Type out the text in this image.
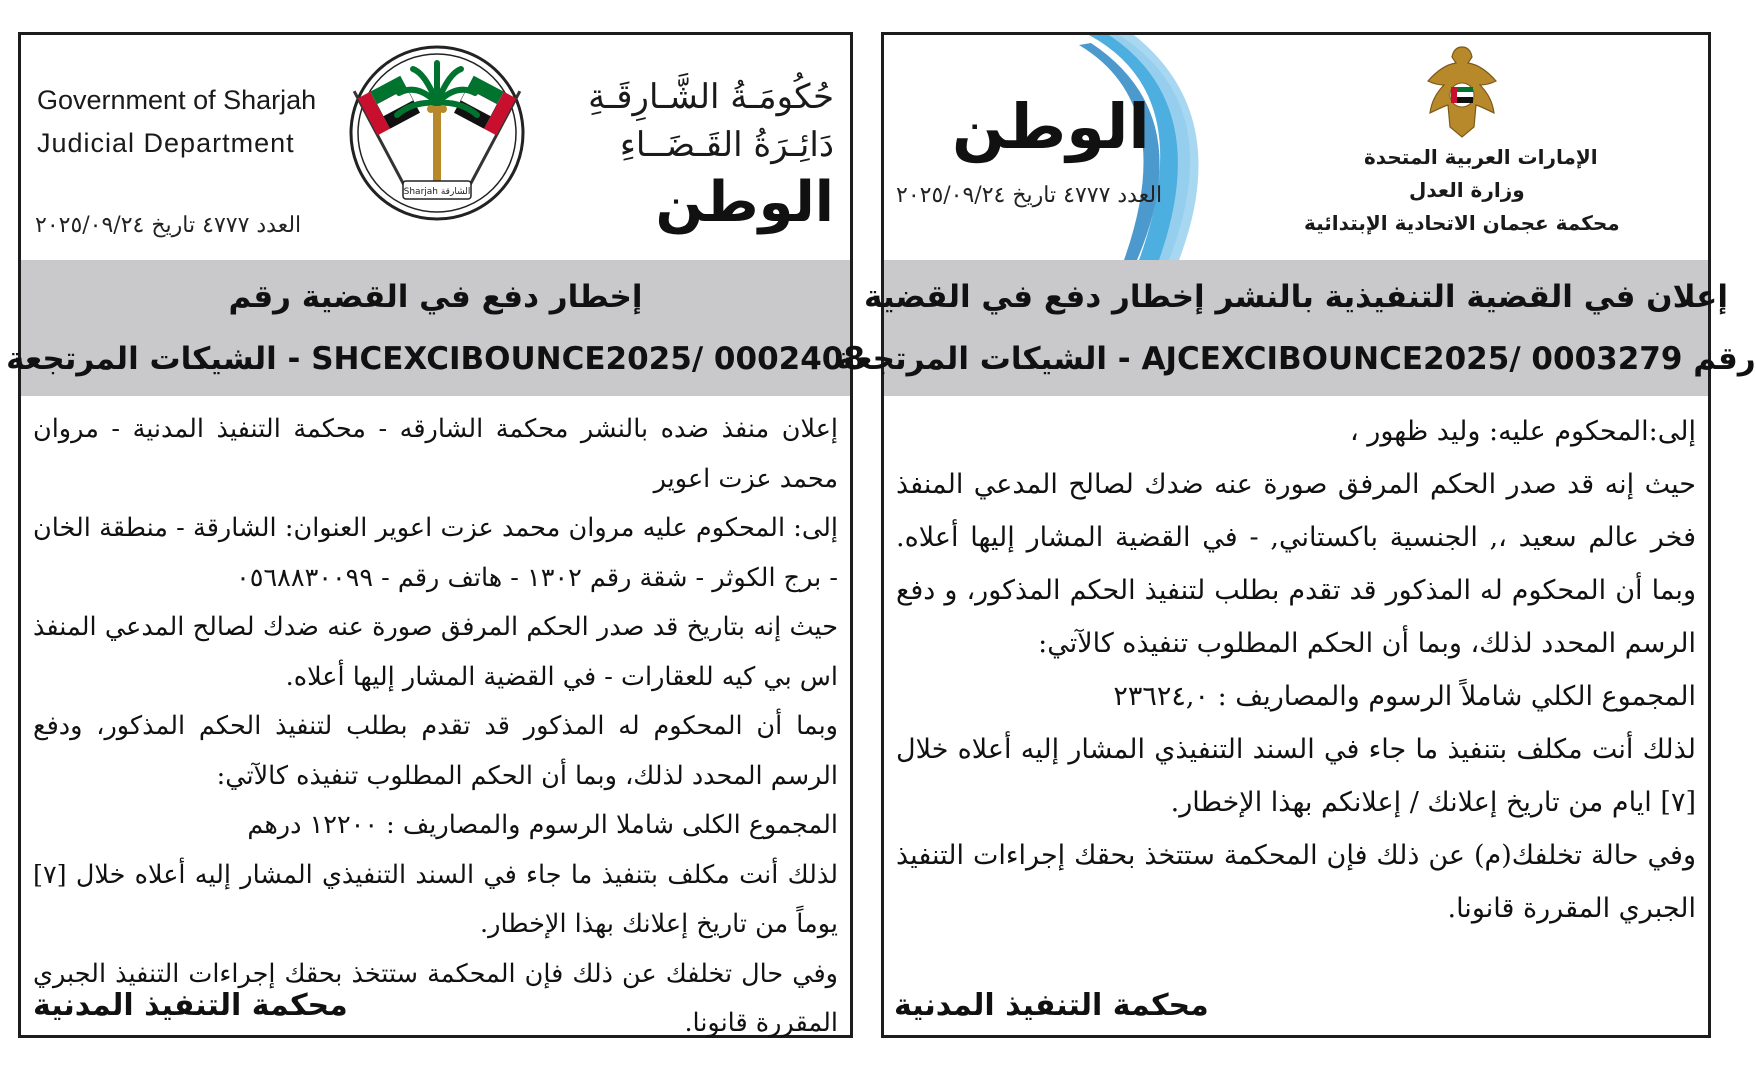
Government of Sharjah
Judicial Department
Sharjah الشارقة
حُكُومَـةُ الشَّـارِقَـةِ
دَائِـرَةُ القَـضَــاءِ
الوطن
العدد ٤٧٧٧ تاريخ ٢٠٢٥/٠٩/٢٤
إخطار دفع في القضية رقم
SHCEXCIBOUNCE2025/ 0002408 - الشيكات المرتجعة

إعلان منفذ ضده بالنشر محكمة الشارقه - محكمة التنفيذ المدنية - مروان محمد عزت اعوير

إلى: المحكوم عليه مروان محمد عزت اعوير العنوان: الشارقة - منطقة الخان - برج الكوثر - شقة رقم ١٣٠٢ - هاتف رقم - ٠٥٦٨٨٣٠٠٩٩

حيث إنه بتاريخ قد صدر الحكم المرفق صورة عنه ضدك لصالح المدعي المنفذ اس بي كيه للعقارات - في القضية المشار إليها أعلاه.

وبما أن المحكوم له المذكور قد تقدم بطلب لتنفيذ الحكم المذكور، ودفع الرسم المحدد لذلك، وبما أن الحكم المطلوب تنفيذه كالآتي:

المجموع الكلى شاملا الرسوم والمصاريف : ١٢٢٠٠ درهم

لذلك أنت مكلف بتنفيذ ما جاء في السند التنفيذي المشار إليه أعلاه خلال [٧] يوماً من تاريخ إعلانك بهذا الإخطار.

وفي حال تخلفك عن ذلك فإن المحكمة ستتخذ بحقك إجراءات التنفيذ الجبري المقررة قانونا.

محكمة التنفيذ المدنية
الوطن
العدد ٤٧٧٧ تاريخ ٢٠٢٥/٠٩/٢٤
الإمارات العربية المتحدة
وزارة العدل
محكمة عجمان الاتحادية الإبتدائية
إعلان في القضية التنفيذية بالنشر إخطار دفع في القضية
رقم AJCEXCIBOUNCE2025/ 0003279 - الشيكات المرتجعة

إلى:المحكوم عليه: وليد ظهور ،

حيث إنه قد صدر الحكم المرفق صورة عنه ضدك لصالح المدعي المنفذ فخر عالم سعيد ،, الجنسية باكستاني, - في القضية المشار إليها أعلاه. وبما أن المحكوم له المذكور قد تقدم بطلب لتنفيذ الحكم المذكور، و دفع الرسم المحدد لذلك، وبما أن الحكم المطلوب تنفيذه كالآتي:

المجموع الكلي شاملاً الرسوم والمصاريف : ٢٣٦٢٤,٠

لذلك أنت مكلف بتنفيذ ما جاء في السند التنفيذي المشار إليه أعلاه خلال [٧] ايام من تاريخ إعلانك / إعلانكم بهذا الإخطار.

وفي حالة تخلفك(م) عن ذلك فإن المحكمة ستتخذ بحقك إجراءات التنفيذ الجبري المقررة قانونا.

محكمة التنفيذ المدنية
